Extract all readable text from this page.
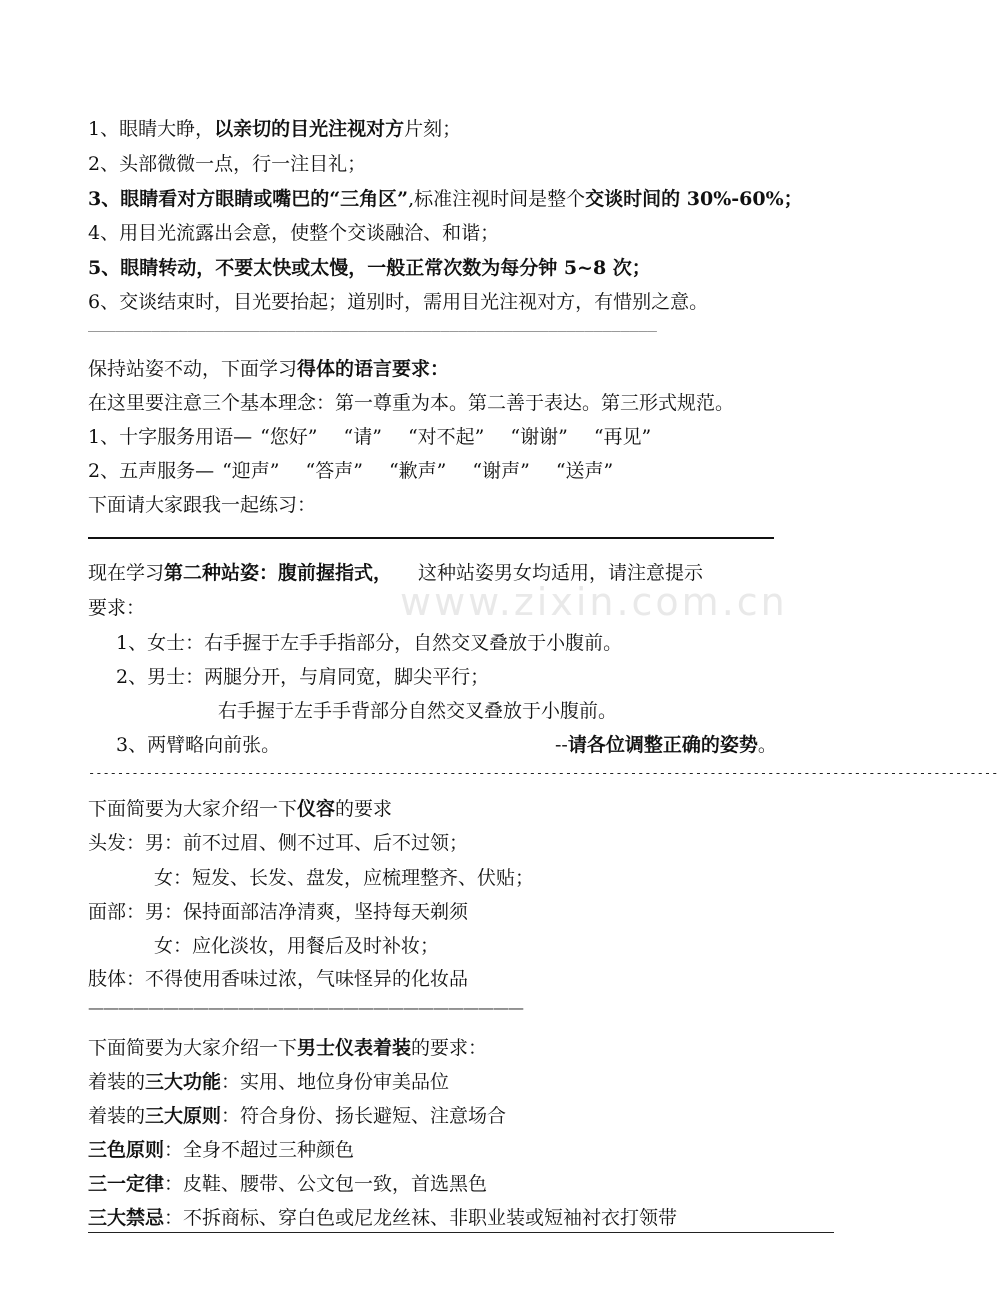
www.zixin.com.cn
1、眼睛大睁，以亲切的目光注视对方片刻；
2、头部微微一点，行一注目礼；
3、眼睛看对方眼睛或嘴巴的“三角区”,标准注视时间是整个交谈时间的 30%-60%；
4、用目光流露出会意，使整个交谈融洽、和谐；
5、眼睛转动，不要太快或太慢，一般正常次数为每分钟 5~8 次；
6、交谈结束时，目光要抬起；道别时，需用目光注视对方，有惜别之意。
_______________________________________________________________
保持站姿不动，下面学习得体的语言要求：
在这里要注意三个基本理念：第一尊重为本。第二善于表达。第三形式规范。
1、十字服务用语— “您好” “请” “对不起” “谢谢” “再见”
2、五声服务— “迎声” “答声” “歉声” “谢声” “送声”
下面请大家跟我一起练习：
现在学习第二种站姿：腹前握指式， 这种站姿男女均适用，请注意提示
要求：
1、女士：右手握于左手手指部分，自然交叉叠放于小腹前。
2、男士：两腿分开，与肩同宽，脚尖平行；
右手握于左手手背部分自然交叉叠放于小腹前。
3、两臂略向前张。	--请各位调整正确的姿势。
------------------------------------------------------------------------------------------------------------------------------
下面简要为大家介绍一下仪容的要求
头发：男：前不过眉、侧不过耳、后不过领；
女：短发、长发、盘发，应梳理整齐、伏贴；
面部：男：保持面部洁净清爽，坚持每天剃须
女：应化淡妆，用餐后及时补妆；
肢体：不得使用香味过浓，气味怪异的化妆品
—————————————————————————————
下面简要为大家介绍一下男士仪表着装的要求：
着装的三大功能：实用、地位身份审美品位
着装的三大原则：符合身份、扬长避短、注意场合
三色原则：全身不超过三种颜色
三一定律：皮鞋、腰带、公文包一致，首选黑色
三大禁忌：不拆商标、穿白色或尼龙丝袜、非职业装或短袖衬衣打领带
